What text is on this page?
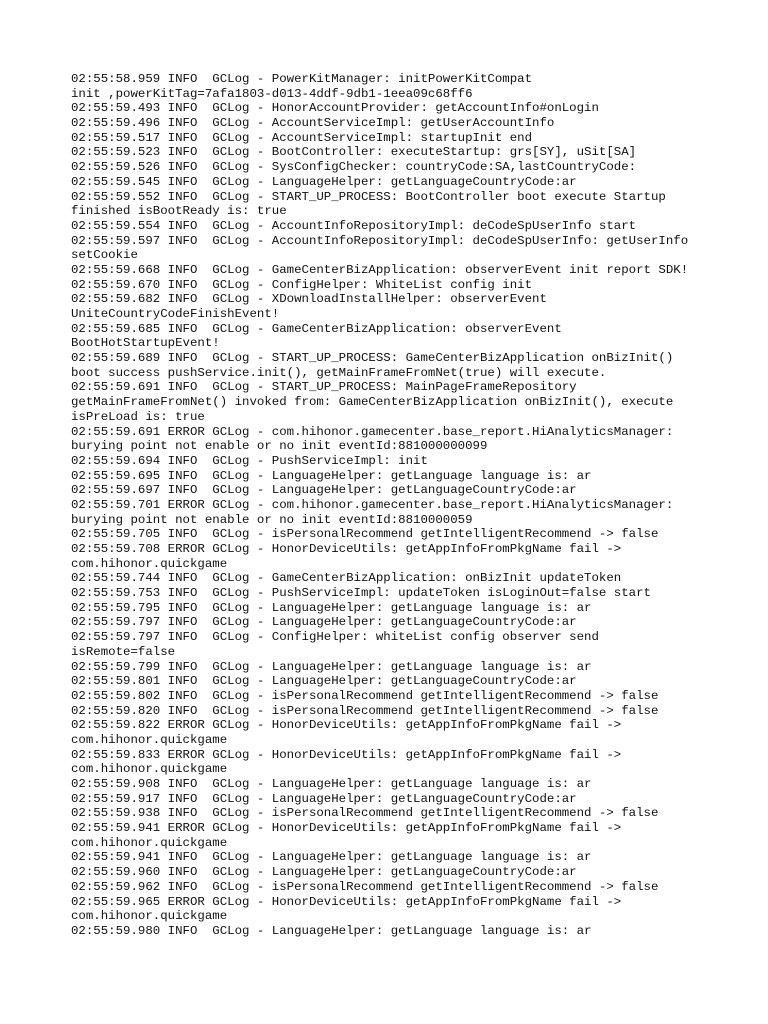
02:55:58.959 INFO  GCLog - PowerKitManager: initPowerKitCompat
init ,powerKitTag=7afa1803-d013-4ddf-9db1-1eea09c68ff6
02:55:59.493 INFO  GCLog - HonorAccountProvider: getAccountInfo#onLogin
02:55:59.496 INFO  GCLog - AccountServiceImpl: getUserAccountInfo
02:55:59.517 INFO  GCLog - AccountServiceImpl: startupInit end
02:55:59.523 INFO  GCLog - BootController: executeStartup: grs[SY], uSit[SA]
02:55:59.526 INFO  GCLog - SysConfigChecker: countryCode:SA,lastCountryCode:
02:55:59.545 INFO  GCLog - LanguageHelper: getLanguageCountryCode:ar
02:55:59.552 INFO  GCLog - START_UP_PROCESS: BootController boot execute Startup
finished isBootReady is: true
02:55:59.554 INFO  GCLog - AccountInfoRepositoryImpl: deCodeSpUserInfo start
02:55:59.597 INFO  GCLog - AccountInfoRepositoryImpl: deCodeSpUserInfo: getUserInfo
setCookie
02:55:59.668 INFO  GCLog - GameCenterBizApplication: observerEvent init report SDK!
02:55:59.670 INFO  GCLog - ConfigHelper: WhiteList config init
02:55:59.682 INFO  GCLog - XDownloadInstallHelper: observerEvent
UniteCountryCodeFinishEvent!
02:55:59.685 INFO  GCLog - GameCenterBizApplication: observerEvent
BootHotStartupEvent!
02:55:59.689 INFO  GCLog - START_UP_PROCESS: GameCenterBizApplication onBizInit()
boot success pushService.init(), getMainFrameFromNet(true) will execute.
02:55:59.691 INFO  GCLog - START_UP_PROCESS: MainPageFrameRepository
getMainFrameFromNet() invoked from: GameCenterBizApplication onBizInit(), execute
isPreLoad is: true
02:55:59.691 ERROR GCLog - com.hihonor.gamecenter.base_report.HiAnalyticsManager:
burying point not enable or no init eventId:881000000099
02:55:59.694 INFO  GCLog - PushServiceImpl: init
02:55:59.695 INFO  GCLog - LanguageHelper: getLanguage language is: ar
02:55:59.697 INFO  GCLog - LanguageHelper: getLanguageCountryCode:ar
02:55:59.701 ERROR GCLog - com.hihonor.gamecenter.base_report.HiAnalyticsManager:
burying point not enable or no init eventId:8810000059
02:55:59.705 INFO  GCLog - isPersonalRecommend getIntelligentRecommend -> false
02:55:59.708 ERROR GCLog - HonorDeviceUtils: getAppInfoFromPkgName fail ->
com.hihonor.quickgame
02:55:59.744 INFO  GCLog - GameCenterBizApplication: onBizInit updateToken
02:55:59.753 INFO  GCLog - PushServiceImpl: updateToken isLoginOut=false start
02:55:59.795 INFO  GCLog - LanguageHelper: getLanguage language is: ar
02:55:59.797 INFO  GCLog - LanguageHelper: getLanguageCountryCode:ar
02:55:59.797 INFO  GCLog - ConfigHelper: whiteList config observer send
isRemote=false
02:55:59.799 INFO  GCLog - LanguageHelper: getLanguage language is: ar
02:55:59.801 INFO  GCLog - LanguageHelper: getLanguageCountryCode:ar
02:55:59.802 INFO  GCLog - isPersonalRecommend getIntelligentRecommend -> false
02:55:59.820 INFO  GCLog - isPersonalRecommend getIntelligentRecommend -> false
02:55:59.822 ERROR GCLog - HonorDeviceUtils: getAppInfoFromPkgName fail ->
com.hihonor.quickgame
02:55:59.833 ERROR GCLog - HonorDeviceUtils: getAppInfoFromPkgName fail ->
com.hihonor.quickgame
02:55:59.908 INFO  GCLog - LanguageHelper: getLanguage language is: ar
02:55:59.917 INFO  GCLog - LanguageHelper: getLanguageCountryCode:ar
02:55:59.938 INFO  GCLog - isPersonalRecommend getIntelligentRecommend -> false
02:55:59.941 ERROR GCLog - HonorDeviceUtils: getAppInfoFromPkgName fail ->
com.hihonor.quickgame
02:55:59.941 INFO  GCLog - LanguageHelper: getLanguage language is: ar
02:55:59.960 INFO  GCLog - LanguageHelper: getLanguageCountryCode:ar
02:55:59.962 INFO  GCLog - isPersonalRecommend getIntelligentRecommend -> false
02:55:59.965 ERROR GCLog - HonorDeviceUtils: getAppInfoFromPkgName fail ->
com.hihonor.quickgame
02:55:59.980 INFO  GCLog - LanguageHelper: getLanguage language is: ar
